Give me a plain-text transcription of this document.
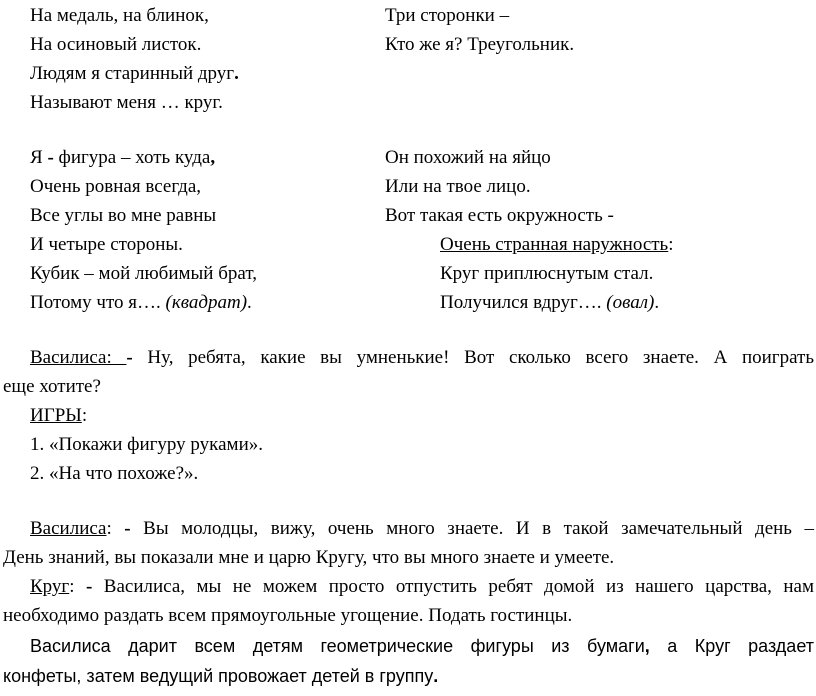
На медаль, на блинок,
На осиновый листок.
Людям я старинный друг.
Называют меня … круг.
Три сторонки –
Кто же я? Треугольник.
Я - фигура – хоть куда,
Очень ровная всегда,
Все углы во мне равны
И четыре стороны.
Кубик – мой любимый брат,
Потому что я…. (квадрат).
Он похожий на яйцо
Или на твое лицо.
Вот такая есть окружность -
Очень странная наружность:
Круг приплюснутым стал.
Получился вдруг…. (овал).
Василиса: - Ну, ребята, какие вы умненькие! Вот сколько всего знаете. А поиграть
еще хотите?
ИГРЫ:
1. «Покажи фигуру руками».
2. «На что похоже?».
Василиса: - Вы молодцы, вижу, очень много знаете. И в такой замечательный день –
День знаний, вы показали мне и царю Кругу, что вы много знаете и умеете.
Круг: - Василиса, мы не можем просто отпустить ребят домой из нашего царства, нам
необходимо раздать всем прямоугольные угощение. Подать гостинцы.
Василиса дарит всем детям геометрические фигуры из бумаги, а Круг раздает
конфеты, затем ведущий провожает детей в группу.
